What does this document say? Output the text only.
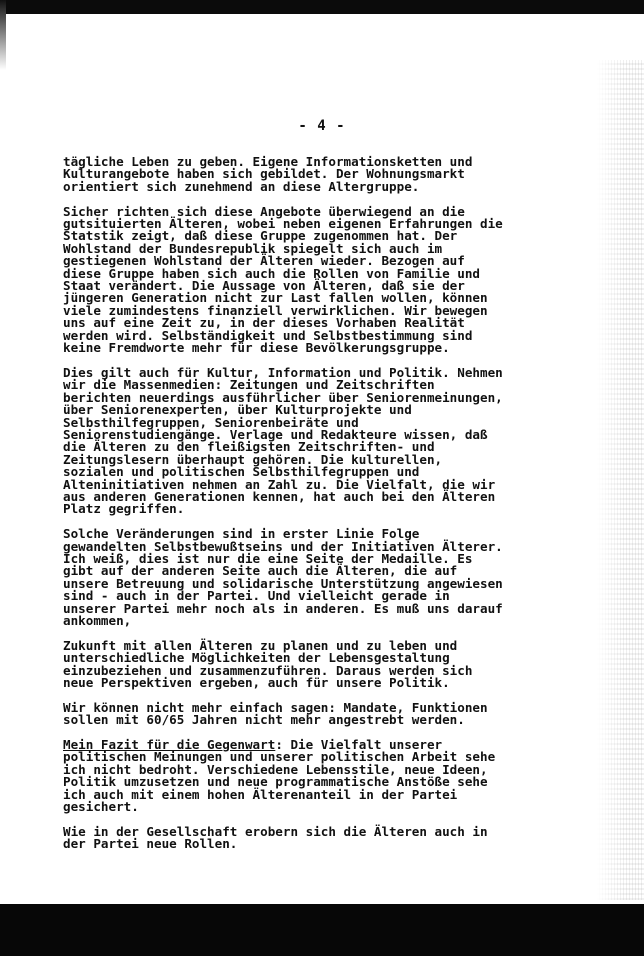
- 4 -
tägliche Leben zu geben. Eigene Informationsketten und
Kulturangebote haben sich gebildet. Der Wohnungsmarkt
orientiert sich zunehmend an diese Altergruppe.
Sicher richten sich diese Angebote überwiegend an die
gutsituierten Älteren, wobei neben eigenen Erfahrungen die
Statstik zeigt, daß diese Gruppe zugenommen hat. Der
Wohlstand der Bundesrepublik spiegelt sich auch im
gestiegenen Wohlstand der Älteren wieder. Bezogen auf
diese Gruppe haben sich auch die Rollen von Familie und
Staat verändert. Die Aussage von Älteren, daß sie der
jüngeren Generation nicht zur Last fallen wollen, können
viele zumindestens finanziell verwirklichen. Wir bewegen
uns auf eine Zeit zu, in der dieses Vorhaben Realität
werden wird. Selbständigkeit und Selbstbestimmung sind
keine Fremdworte mehr für diese Bevölkerungsgruppe.
Dies gilt auch für Kultur, Information und Politik. Nehmen
wir die Massenmedien: Zeitungen und Zeitschriften
berichten neuerdings ausführlicher über Seniorenmeinungen,
über Seniorenexperten, über Kulturprojekte und
Selbsthilfegruppen, Seniorenbeiräte und
Seniorenstudiengänge. Verlage und Redakteure wissen, daß
die Älteren zu den fleißigsten Zeitschriften- und
Zeitungslesern überhaupt gehören. Die kulturellen,
sozialen und politischen Selbsthilfegruppen und
Alteninitiativen nehmen an Zahl zu. Die Vielfalt, die wir
aus anderen Generationen kennen, hat auch bei den Älteren
Platz gegriffen.
Solche Veränderungen sind in erster Linie Folge
gewandelten Selbstbewußtseins und der Initiativen Älterer.
Ich weiß, dies ist nur die eine Seite der Medaille. Es
gibt auf der anderen Seite auch die Älteren, die auf
unsere Betreuung und solidarische Unterstützung angewiesen
sind - auch in der Partei. Und vielleicht gerade in
unserer Partei mehr noch als in anderen. Es muß uns darauf
ankommen,
Zukunft mit allen Älteren zu planen und zu leben und
unterschiedliche Möglichkeiten der Lebensgestaltung
einzubeziehen und zusammenzuführen. Daraus werden sich
neue Perspektiven ergeben, auch für unsere Politik.
Wir können nicht mehr einfach sagen: Mandate, Funktionen
sollen mit 60/65 Jahren nicht mehr angestrebt werden.
Mein Fazit für die Gegenwart: Die Vielfalt unserer
politischen Meinungen und unserer politischen Arbeit sehe
ich nicht bedroht. Verschiedene Lebensstile, neue Ideen,
Politik umzusetzen und neue programmatische Anstöße sehe
ich auch mit einem hohen Älterenanteil in der Partei
gesichert.
Wie in der Gesellschaft erobern sich die Älteren auch in
der Partei neue Rollen.
